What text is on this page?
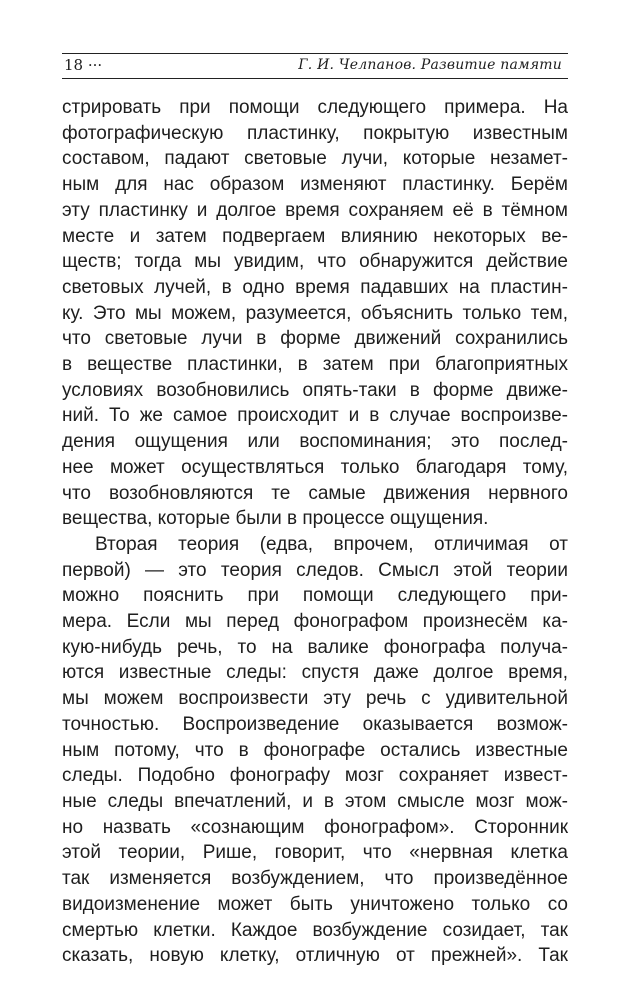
18 ···	Г. И. Челпанов. Развитие памяти
стрировать при помощи следующего примера. На
фотографическую пластинку, покрытую известным
составом, падают световые лучи, которые незамет-
ным для нас образом изменяют пластинку. Берём
эту пластинку и долгое время сохраняем её в тёмном
месте и затем подвергаем влиянию некоторых ве-
ществ; тогда мы увидим, что обнаружится действие
световых лучей, в одно время падавших на пластин-
ку. Это мы можем, разумеется, объяснить только тем,
что световые лучи в форме движений сохранились
в веществе пластинки, в затем при благоприятных
условиях возобновились опять-таки в форме движе-
ний. То же самое происходит и в случае воспроизве-
дения ощущения или воспоминания; это послед-
нее может осуществляться только благодаря тому,
что возобновляются те самые движения нервного
вещества, которые были в процессе ощущения.
Вторая теория (едва, впрочем, отличимая от
первой) — это теория следов. Смысл этой теории
можно пояснить при помощи следующего при-
мера. Если мы перед фонографом произнесём ка-
кую-нибудь речь, то на валике фонографа получа-
ются известные следы: спустя даже долгое время,
мы можем воспроизвести эту речь с удивительной
точностью. Воспроизведение оказывается возмож-
ным потому, что в фонографе остались известные
следы. Подобно фонографу мозг сохраняет извест-
ные следы впечатлений, и в этом смысле мозг мож-
но назвать «сознающим фонографом». Сторонник
этой теории, Рише, говорит, что «нервная клетка
так изменяется возбуждением, что произведённое
видоизменение может быть уничтожено только со
смертью клетки. Каждое возбуждение созидает, так
сказать, новую клетку, отличную от прежней». Так
